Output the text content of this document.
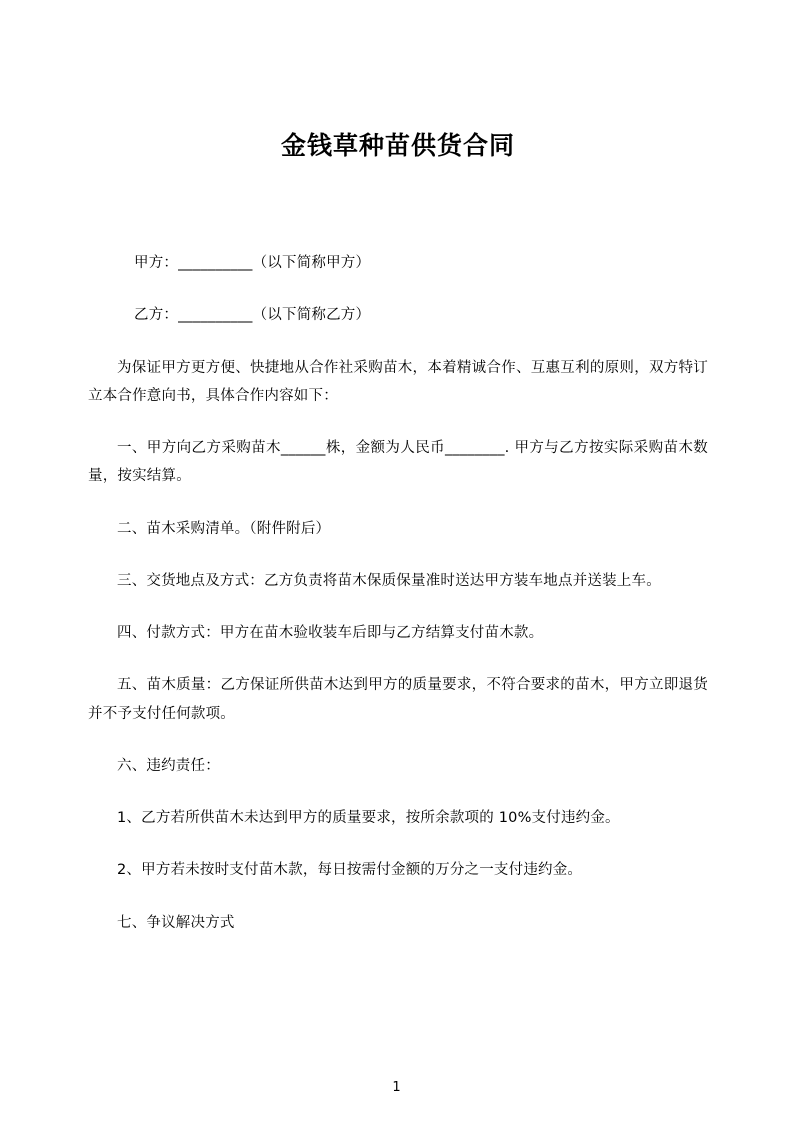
金钱草种苗供货合同

甲方：__________（以下简称甲方）

乙方：__________（以下简称乙方）

为保证甲方更方便、快捷地从合作社采购苗木，本着精诚合作、互惠互利的原则，双方特订立本合作意向书，具体合作内容如下：

一、甲方向乙方采购苗木______株，金额为人民币________. 甲方与乙方按实际采购苗木数量，按实结算。

二、苗木采购清单。（附件附后）

三、交货地点及方式：乙方负责将苗木保质保量准时送达甲方装车地点并送装上车。

四、付款方式：甲方在苗木验收装车后即与乙方结算支付苗木款。

五、苗木质量：乙方保证所供苗木达到甲方的质量要求，不符合要求的苗木，甲方立即退货并不予支付任何款项。

六、违约责任：

1、乙方若所供苗木未达到甲方的质量要求，按所余款项的 10%支付违约金。

2、甲方若未按时支付苗木款，每日按需付金额的万分之一支付违约金。

七、争议解决方式

1
